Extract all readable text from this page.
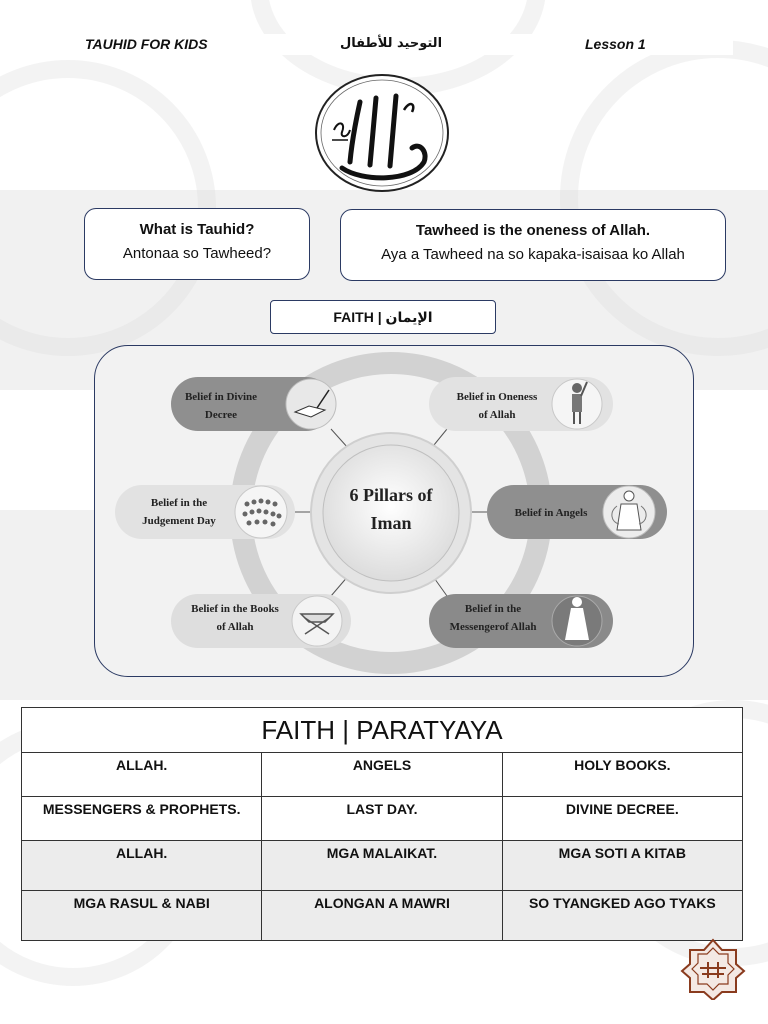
TAUHID FOR KIDS	التوحيد للأطفال	Lesson 1
What is Tauhid?
Antonaa so Tawheed?
Tawheed is the oneness of Allah.
Aya a Tawheed na so kapaka-isaisaa ko Allah
FAITH | الإيمان
6 Pillars of
Iman
Belief in Divine
Decree
Belief in Oneness
of Allah
Belief in the
Judgement Day
Belief in Angels
Belief in the Books
of Allah
Belief in the
Messengerof Allah
FAITH | PARATYAYA		
ALLAH.	ANGELS	HOLY BOOKS.
MESSENGERS & PROPHETS.	LAST DAY.	DIVINE DECREE.
ALLAH.	MGA MALAIKAT.	MGA SOTI A KITAB
MGA RASUL & NABI	ALONGAN A MAWRI	SO TYANGKED AGO TYAKS
